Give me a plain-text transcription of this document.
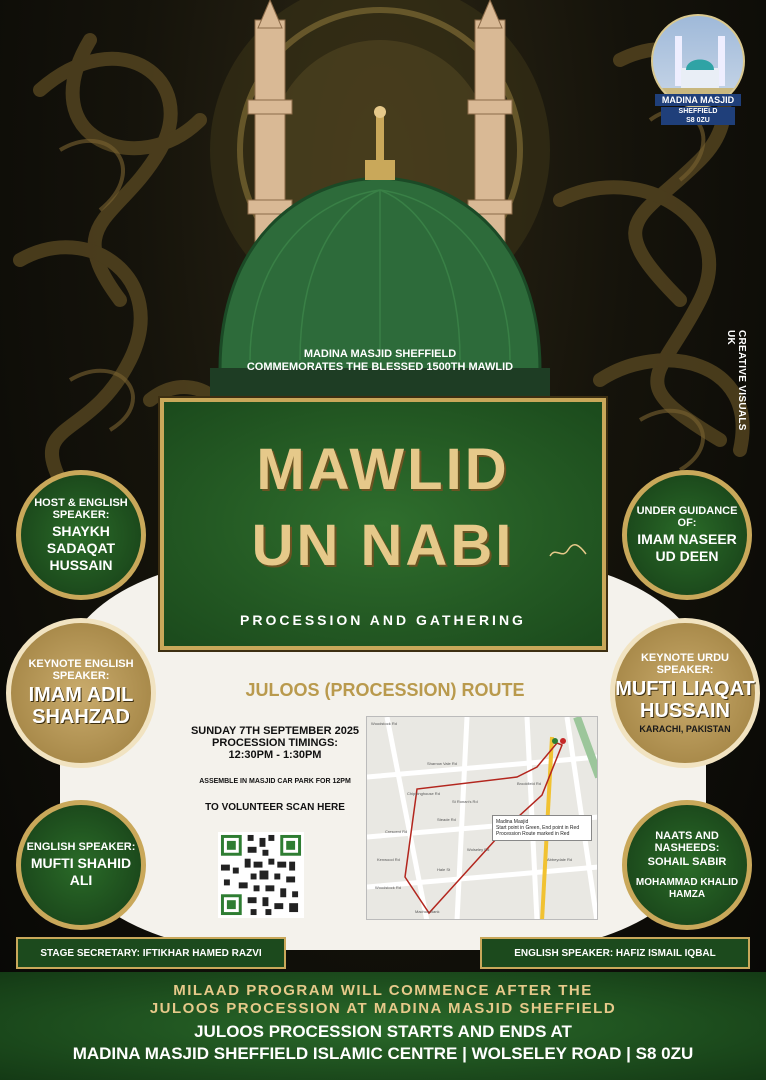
MADINA MASJID
SHEFFIELD
S8 0ZU
CREATIVE VISUALS UK
MADINA MASJID SHEFFIELD
COMMEMORATES THE BLESSED 1500TH MAWLID
MAWLID
UN NABI
PROCESSION AND GATHERING
HOST & ENGLISH SPEAKER:
SHAYKH SADAQAT HUSSAIN
KEYNOTE ENGLISH SPEAKER:
IMAM ADIL SHAHZAD
ENGLISH SPEAKER:
MUFTI SHAHID ALI
UNDER GUIDANCE OF:
IMAM NASEER UD DEEN
KEYNOTE URDU SPEAKER:
MUFTI LIAQAT HUSSAIN
KARACHI, PAKISTAN
NAATS AND NASHEEDS:
SOHAIL SABIR
MOHAMMAD KHALID HAMZA
JULOOS (PROCESSION) ROUTE
SUNDAY 7TH SEPTEMBER 2025
PROCESSION TIMINGS:
12:30PM - 1:30PM
ASSEMBLE IN MASJID CAR PARK FOR 12PM
TO VOLUNTEER SCAN HERE
Woodstock Rd
Chippinghouse Rd
St Ronan's Rd
Crescent Rd
Kenwood Rd
Wolseley Rd
Woodstock Rd
Machon Bank
Hale St
Steade Rd
Abbeydale Rd
Sharrow Vale Rd
Brookfield Rd
Madina Masjid
Start point in Green, End point in Red
Procession Route marked in Red
STAGE SECRETARY: IFTIKHAR HAMED RAZVI	ENGLISH SPEAKER: HAFIZ ISMAIL IQBAL
MILAAD PROGRAM WILL COMMENCE AFTER THE
JULOOS PROCESSION AT MADINA MASJID SHEFFIELD
JULOOS PROCESSION STARTS AND ENDS AT
MADINA MASJID SHEFFIELD ISLAMIC CENTRE | WOLSELEY ROAD | S8 0ZU
